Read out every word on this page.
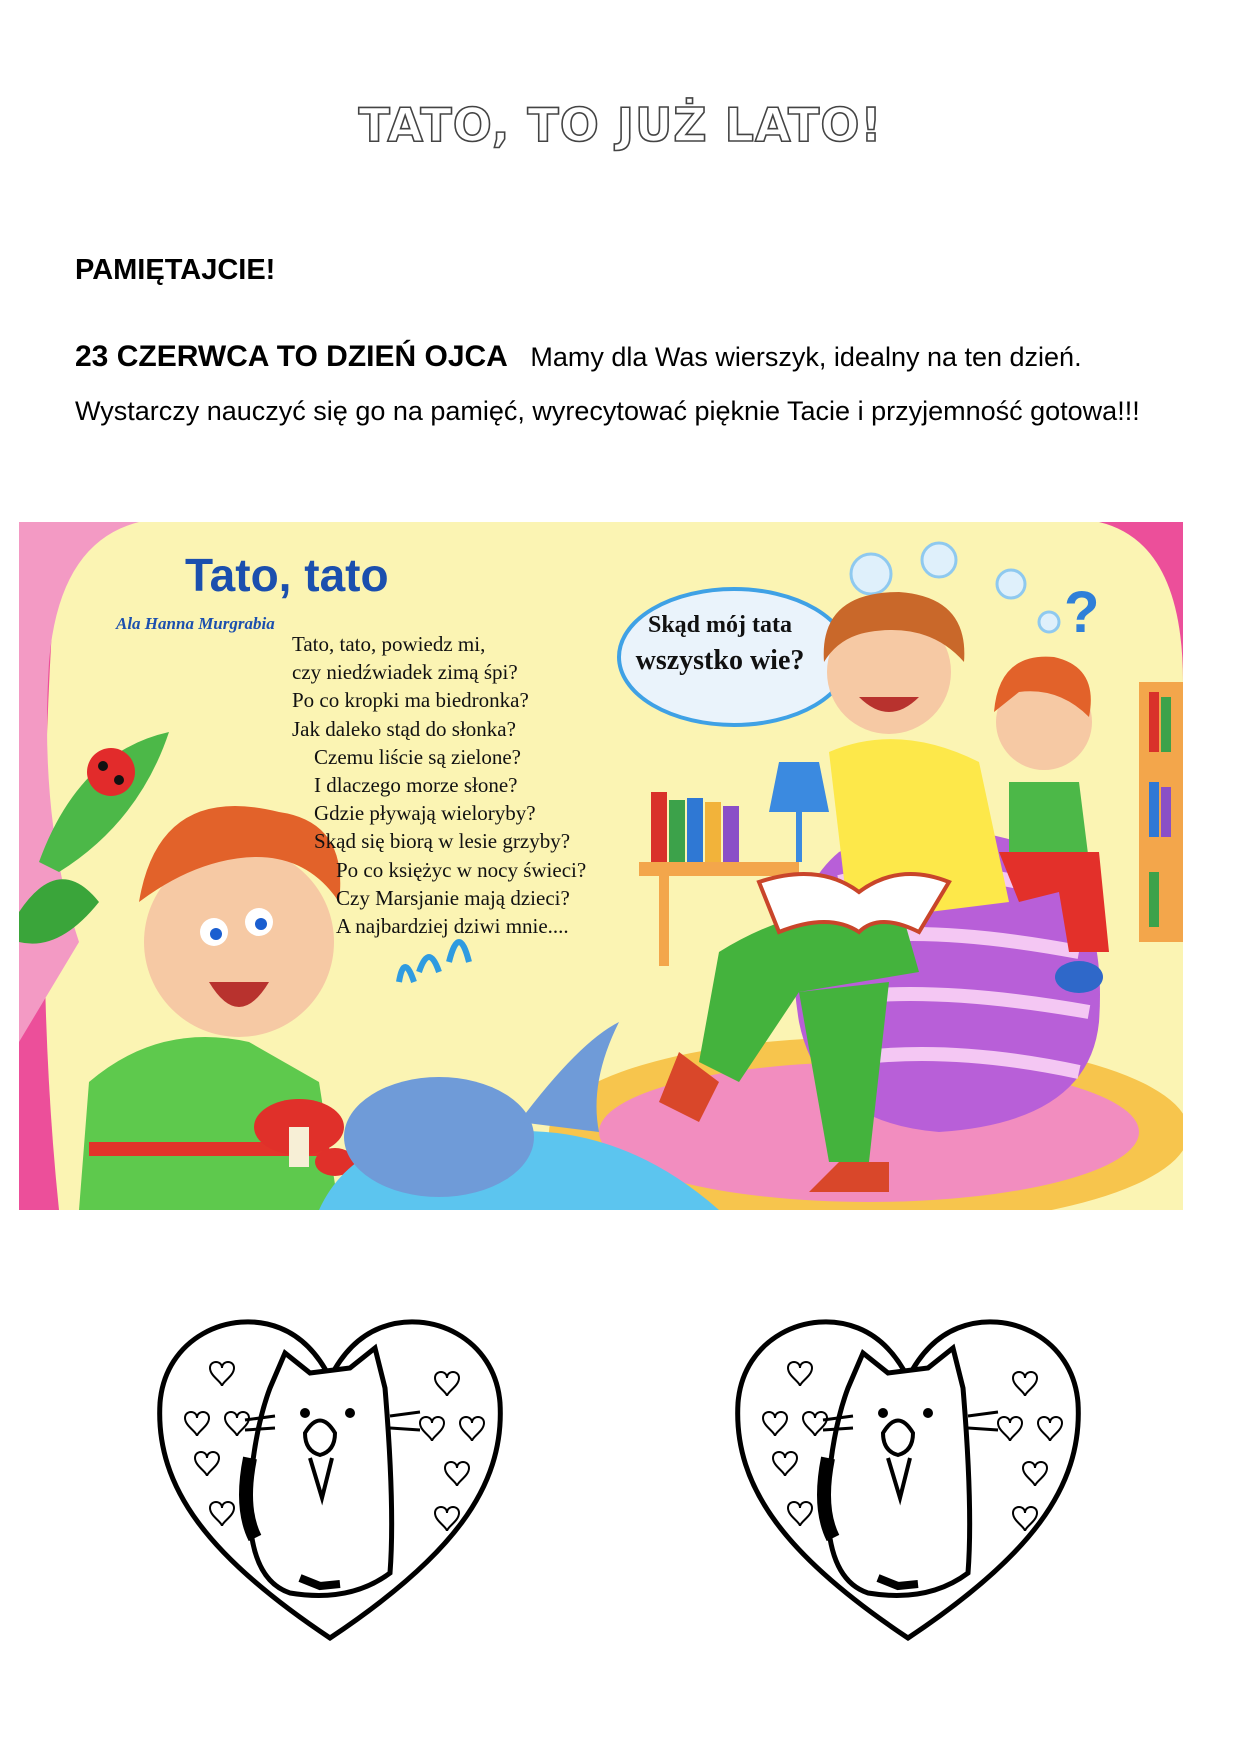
TATO, TO JUŻ LATO!
PAMIĘTAJCIE!
23 CZERWCA TO DZIEŃ OJCA Mamy dla Was wierszyk, idealny na ten dzień. Wystarczy nauczyć się go na pamięć, wyrecytować pięknie Tacie i przyjemność gotowa!!!
?
Tato, tato
Ala Hanna Murgrabia
Tato, tato, powiedz mi,
czy niedźwiadek zimą śpi?
Po co kropki ma biedronka?
Jak daleko stąd do słonka?
Czemu liście są zielone?
I dlaczego morze słone?
Gdzie pływają wieloryby?
Skąd się biorą w lesie grzyby?
Po co księżyc w nocy świeci?
Czy Marsjanie mają dzieci?
A najbardziej dziwi mnie....
Skąd mój tata
wszystko wie?
